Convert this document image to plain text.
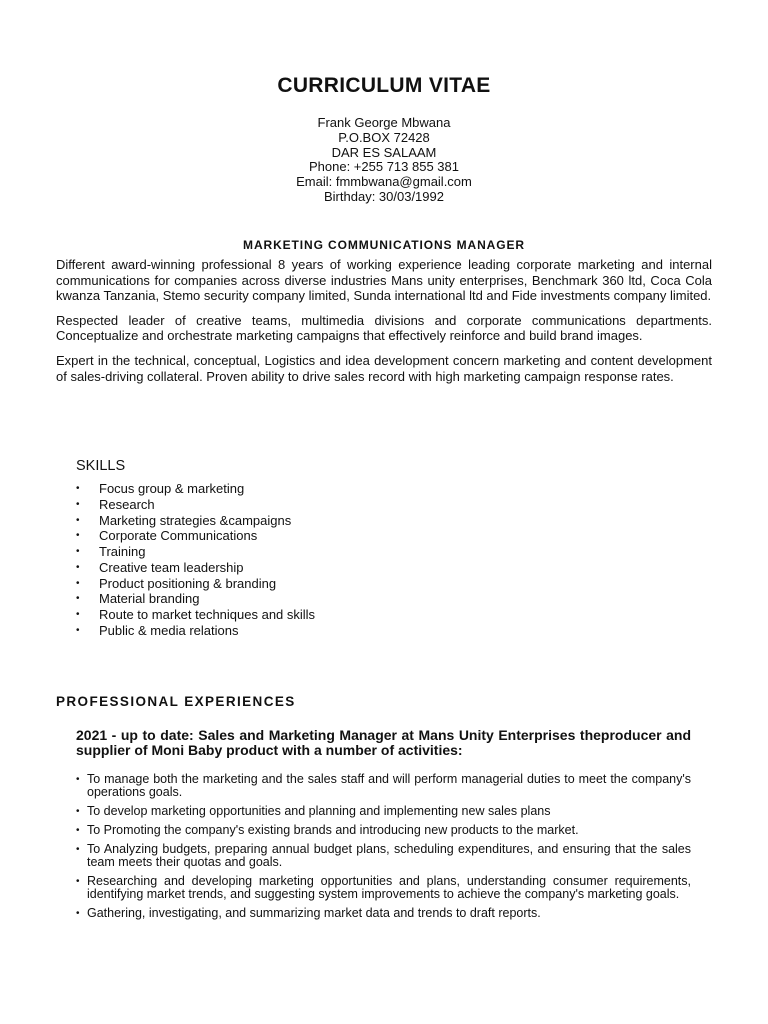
CURRICULUM VITAE
Frank George Mbwana
P.O.BOX 72428
DAR ES SALAAM
Phone: +255 713 855 381
Email: fmmbwana@gmail.com
Birthday: 30/03/1992
MARKETING COMMUNICATIONS MANAGER

Different award-winning professional 8 years of working experience leading corporate marketing and internal communications for companies across diverse industries Mans unity enterprises, Benchmark 360 ltd, Coca Cola kwanza Tanzania, Stemo security company limited, Sunda international ltd and Fide investments company limited.

Respected leader of creative teams, multimedia divisions and corporate communications departments. Conceptualize and orchestrate marketing campaigns that effectively reinforce and build brand images.

Expert in the technical, conceptual, Logistics and idea development concern marketing and content development of sales-driving collateral. Proven ability to drive sales record with high marketing campaign response rates.

SKILLS
• Focus group & marketing
• Research
• Marketing strategies &campaigns
• Corporate Communications
• Training
• Creative team leadership
• Product positioning & branding
• Material branding
• Route to market techniques and skills
• Public & media relations
PROFESSIONAL EXPERIENCES
2021 - up to date: Sales and Marketing Manager at Mans Unity Enterprises theproducer and supplier of Moni Baby product with a number of activities:
• To manage both the marketing and the sales staff and will perform managerial duties to meet the company's operations goals.
• To develop marketing opportunities and planning and implementing new sales plans
• To Promoting the company's existing brands and introducing new products to the market.
• To Analyzing budgets, preparing annual budget plans, scheduling expenditures, and ensuring that the sales team meets their quotas and goals.
• Researching and developing marketing opportunities and plans, understanding consumer requirements, identifying market trends, and suggesting system improvements to achieve the company's marketing goals.
• Gathering, investigating, and summarizing market data and trends to draft reports.
